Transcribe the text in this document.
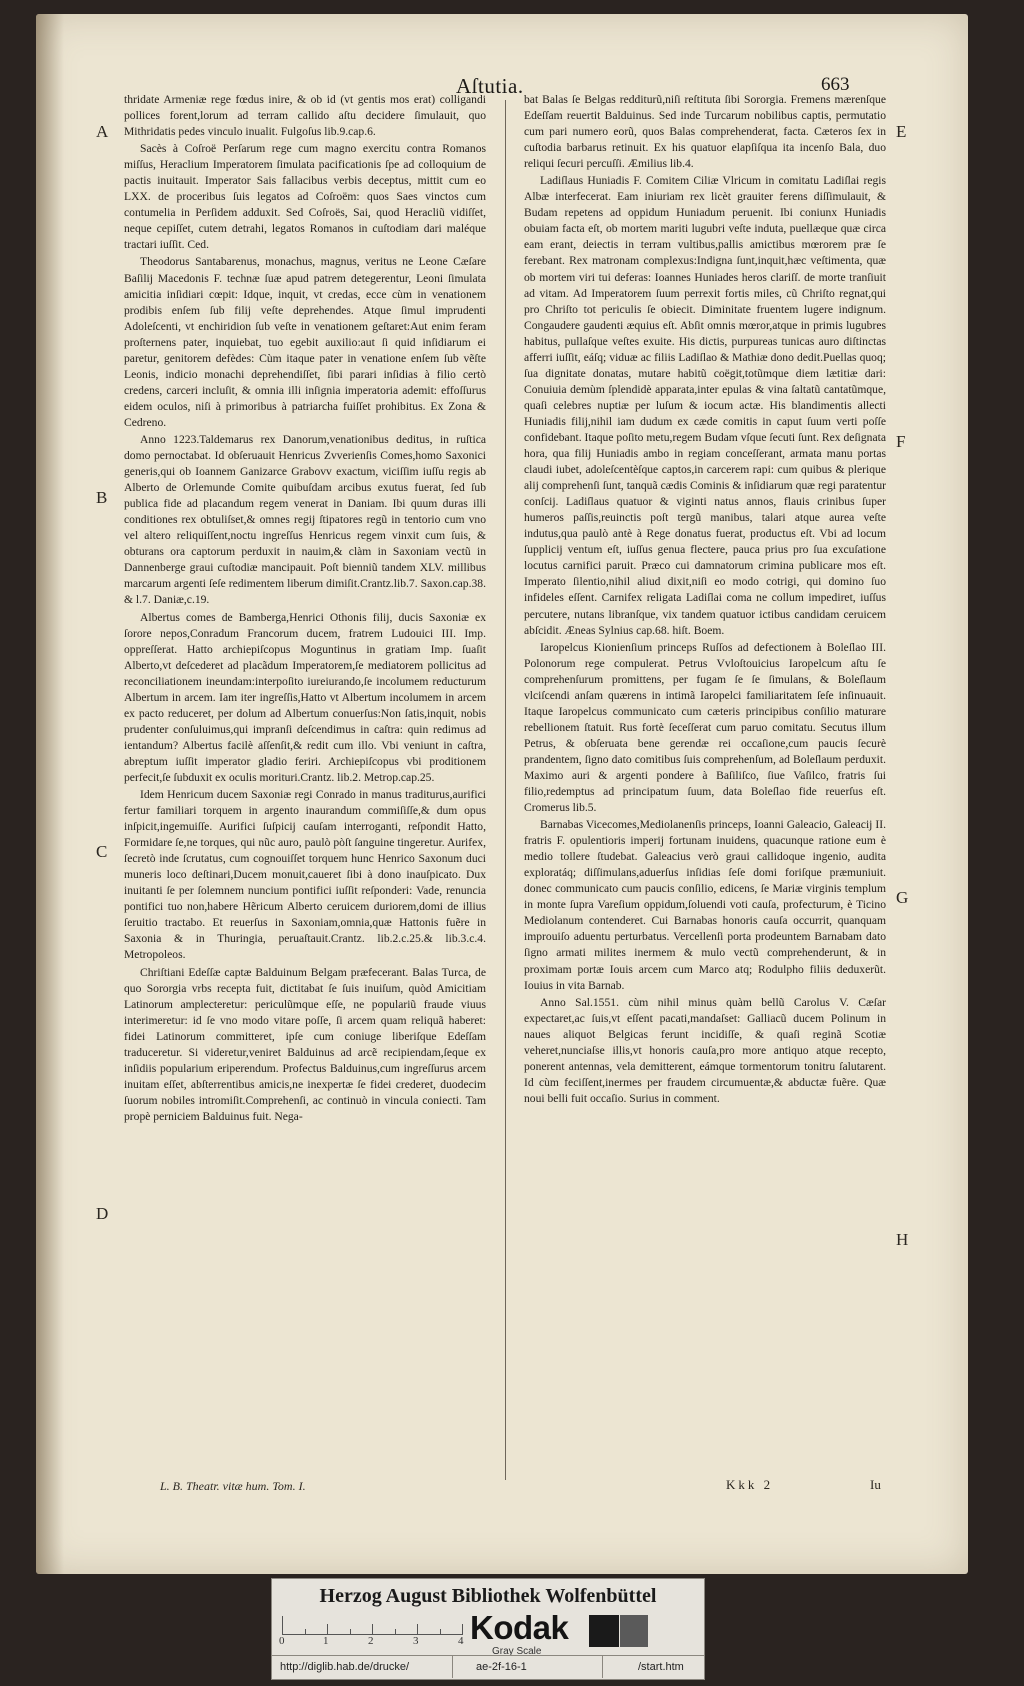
Aſtutia.	663

thridate Armeniæ rege fœdus inire, & ob id (vt gentis mos erat) colligandi pollices forent,lorum ad terram callido aſtu decidere ſimulauit, quo Mithridatis pedes vinculo inualit. Fulgoſus lib.9.cap.6.

Sacès à Coſroë Perſarum rege cum magno exercitu contra Romanos miſſus, Heraclium Imperatorem ſimulata pacificationis ſpe ad colloquium de pactis inuitauit. Imperator Sais fallacibus verbis deceptus, mittit cum eo LXX. de proceribus ſuis legatos ad Coſroëm: quos Saes vinctos cum contumelia in Perſidem adduxit. Sed Coſroës, Sai, quod Heracliũ vidiſſet, neque cepiſſet, cutem detrahi, legatos Romanos in cuſtodiam dari maléque tractari iuſſit. Ced.

Theodorus Santabarenus, monachus, magnus, veritus ne Leone Cæſare Baſilij Macedonis F. technæ ſuæ apud patrem detegerentur, Leoni ſimulata amicitia inſidiari cœpit: Idque, inquit, vt credas, ecce cùm in venationem prodibis enſem ſub filij veſte deprehendes. Atque ſimul imprudenti Adoleſcenti, vt enchiridion ſub veſte in venationem geſtaret:Aut enim feram proſternens pater, inquiebat, tuo egebit auxilio:aut ſi quid inſidiarum ei paretur, genitorem defèdes: Cùm itaque pater in venatione enſem ſub vẽſte Leonis, indicio monachi deprehendiſſet, ſibi parari inſidias à filio certò credens, carceri incluſit, & omnia illi inſignia imperatoria ademit: effoſſurus eidem oculos, niſi à primoribus à patriarcha fuiſſet prohibitus. Ex Zona & Cedreno.

Anno 1223.Taldemarus rex Danorum,venationibus deditus, in ruſtica domo pernoctabat. Id obſeruauit Henricus Zvverienſis Comes,homo Saxonici generis,qui ob Ioannem Ganizarce Grabovv exactum, viciſſim iuſſu regis ab Alberto de Orlemunde Comite quibuſdam arcibus exutus fuerat, ſed ſub publica fide ad placandum regem venerat in Daniam. Ibi quum duras illi conditiones rex obtuliſset,& omnes regij ſtipatores regũ in tentorio cum vno vel altero reliquiſſent,noctu ingreſſus Henricus regem vinxit cum ſuis, & obturans ora captorum perduxit in nauim,& clàm in Saxoniam vectũ in Dannenberge graui cuſtodiæ mancipauit. Poſt bienniũ tandem XLV. millibus marcarum argenti ſeſe redimentem liberum dimiſit.Crantz.lib.7. Saxon.cap.38. & l.7. Daniæ,c.19.

Albertus comes de Bamberga,Henrici Othonis filij, ducis Saxoniæ ex ſorore nepos,Conradum Francorum ducem, fratrem Ludouici III. Imp. oppreſſerat. Hatto archiepiſcopus Moguntinus in gratiam Imp. ſuaſit Alberto,vt deſcederet ad placãdum Imperatorem,ſe mediatorem pollicitus ad reconciliationem ineundam:interpoſito iureiurando,ſe incolumem reducturum Albertum in arcem. Iam iter ingreſſis,Hatto vt Albertum incolumem in arcem ex pacto reduceret, per dolum ad Albertum conuerſus:Non ſatis,inquit, nobis prudenter conſuluimus,qui impranſi deſcendimus in caſtra: quin redimus ad ientandum? Albertus facilè aſſenſit,& redit cum illo. Vbi veniunt in caſtra, abreptum iuſſit imperator gladio feriri. Archiepiſcopus vbi proditionem perfecit,ſe ſubduxit ex oculis morituri.Crantz. lib.2. Metrop.cap.25.

Idem Henricum ducem Saxoniæ regi Conrado in manus traditurus,aurifici fertur familiari torquem in argento inaurandum commiſiſſe,& dum opus inſpicit,ingemuiſſe. Aurifici ſuſpicij cauſam interroganti, reſpondit Hatto, Formidare ſe,ne torques, qui nũc auro, paulò pòſt ſanguine tingeretur. Aurifex, ſecretò inde ſcrutatus, cum cognouiſſet torquem hunc Henrico Saxonum duci muneris loco deſtinari,Ducem monuit,caueret ſibi à dono inauſpicato. Dux inuitanti ſe per ſolemnem nuncium pontifici iuſſit reſponderi: Vade, renuncia pontifici tuo non,habere Hẽricum Alberto ceruicem duriorem,domi de illius ſeruitio tractabo. Et reuerſus in Saxoniam,omnia,quæ Hattonis fuẽre in Saxonia & in Thuringia, peruaſtauit.Crantz. lib.2.c.25.& lib.3.c.4. Metropoleos.

Chriſtiani Edeſſæ captæ Balduinum Belgam præfecerant. Balas Turca, de quo Sororgia vrbs recepta fuit, dictitabat ſe ſuis inuiſum, quòd Amicitiam Latinorum amplecteretur: periculũmque eſſe, ne populariũ fraude viuus interimeretur: id ſe vno modo vitare poſſe, ſi arcem quam reliquã haberet: fidei Latinorum committeret, ipſe cum coniuge liberiſque Edeſſam traduceretur. Si videretur,veniret Balduinus ad arcẽ recipiendam,ſeque ex inſidiis popularium eriperendum. Profectus Balduinus,cum ingreſſurus arcem inuitam eſſet, abſterrentibus amicis,ne inexpertæ ſe fidei crederet, duodecim ſuorum nobiles intromiſit.Comprehenſi, ac continuò in vincula coniecti. Tam propè perniciem Balduinus fuit. Nega-

bat Balas ſe Belgas redditurũ,niſi reſtituta ſibi Sororgia. Fremens mærenſque Edeſſam reuertit Balduinus. Sed inde Turcarum nobilibus captis, permutatio cum pari numero eorũ, quos Balas comprehenderat, facta. Cæteros ſex in cuſtodia barbarus retinuit. Ex his quatuor elapſiſqua ita incenſo Bala, duo reliqui ſecuri percuſſi. Æmilius lib.4.

Ladiſlaus Huniadis F. Comitem Ciliæ Vlricum in comitatu Ladiſlai regis Albæ interfecerat. Eam iniuriam rex licèt grauiter ferens diſſimulauit, & Budam repetens ad oppidum Huniadum peruenit. Ibi coniunx Huniadis obuiam facta eſt, ob mortem mariti lugubri veſte induta, puellæque quæ circa eam erant, deiectis in terram vultibus,pallis amictibus mœrorem præ ſe ferebant. Rex matronam complexus:Indigna ſunt,inquit,hæc veſtimenta, quæ ob mortem viri tui deferas: Ioannes Huniades heros clariſſ. de morte tranſiuit ad vitam. Ad Imperatorem ſuum perrexit fortis miles, cũ Chriſto regnat,qui pro Chriſto tot periculis ſe obiecit. Diminitate fruentem lugere indignum. Congaudere gaudenti æquius eſt. Abſit omnis mœror,atque in primis lugubres habitus, pullaſque veſtes exuite. His dictis, purpureas tunicas auro diſtinctas afferri iuſſit, eáſq; viduæ ac filiis Ladiſlao & Mathiæ dono dedit.Puellas quoq; ſua dignitate donatas, mutare habitũ coëgit,totũmque diem lætitiæ dari: Conuiuia demùm ſplendidè apparata,inter epulas & vina ſaltatũ cantatũmque, quaſi celebres nuptiæ per luſum & iocum actæ. His blandimentis allecti Huniadis filij,nihil iam dudum ex cæde comitis in caput ſuum verti poſſe confidebant. Itaque poſito metu,regem Budam vſque ſecuti ſunt. Rex deſignata hora, qua filij Huniadis ambo in regiam conceſſerant, armata manu portas claudi iubet, adoleſcentèſque captos,in carcerem rapi: cum quibus & plerique alij comprehenſi ſunt, tanquã cædis Cominis & inſidiarum quæ regi paratentur conſcij. Ladiſlaus quatuor & viginti natus annos, flauis crinibus ſuper humeros paſſis,reuinctis poſt tergũ manibus, talari atque aurea veſte indutus,qua paulò antè à Rege donatus fuerat, productus eſt. Vbi ad locum ſupplicij ventum eſt, iuſſus genua flectere, pauca prius pro ſua excuſatione locutus carnifici paruit. Præco cui damnatorum crimina publicare mos eſt. Imperato ſilentio,nihil aliud dixit,niſi eo modo cotrigi, qui domino ſuo infideles eſſent. Carnifex religata Ladiſlai coma ne collum impediret, iuſſus percutere, nutans libranſque, vix tandem quatuor ictibus candidam ceruicem abſcidit. Æneas Sylnius cap.68. hiſt. Boem.

Iaropelcus Kionienſium princeps Ruſſos ad defectionem à Boleſlao III. Polonorum rege compulerat. Petrus Vvloſtouicius Iaropelcum aſtu ſe comprehenſurum promittens, per fugam ſe ſe ſimulans, & Boleſlaum vlciſcendi anſam quærens in intimã Iaropelci familiaritatem ſeſe inſinuauit. Itaque Iaropelcus communicato cum cæteris principibus conſilio maturare rebellionem ſtatuit. Rus fortè ſeceſſerat cum paruo comitatu. Secutus illum Petrus, & obſeruata bene gerendæ rei occaſione,cum paucis ſecurè prandentem, ſigno dato comitibus ſuis comprehenſum, ad Boleſlaum perduxit. Maximo auri & argenti pondere à Baſiliſco, ſiue Vaſilco, fratris ſui filio,redemptus ad principatum ſuum, data Boleſlao fide reuerſus eſt. Cromerus lib.5.

Barnabas Vicecomes,Mediolanenſis princeps, Ioanni Galeacio, Galeacij II. fratris F. opulentioris imperij fortunam inuidens, quacunque ratione eum è medio tollere ſtudebat. Galeacius verò graui callidoque ingenio, audita exploratáq; diſſimulans,aduerſus inſidias ſeſe domi foriſque præmuniuit. donec communicato cum paucis conſilio, edicens, ſe Mariæ virginis templum in monte ſupra Vareſium oppidum,ſoluendi voti cauſa, profecturum, è Ticino Mediolanum contenderet. Cui Barnabas honoris cauſa occurrit, quanquam improuiſo aduentu perturbatus. Vercellenſi porta prodeuntem Barnabam dato ſigno armati milites inermem & mulo vectũ comprehenderunt, & in proximam portæ Iouis arcem cum Marco atq; Rodulpho filiis deduxerũt. Iouius in vita Barnab.

Anno Sal.1551. cùm nihil minus quàm bellũ Carolus V. Cæſar expectaret,ac ſuis,vt eſſent pacati,mandaſset: Galliacũ ducem Polinum in naues aliquot Belgicas ferunt incidiſſe, & quaſi reginã Scotiæ veheret,nunciaſse illis,vt honoris cauſa,pro more antiquo atque recepto, ponerent antennas, vela demitterent, eámque tormentorum tonitru ſalutarent. Id cùm feciſſent,inermes per fraudem circumuentæ,& abductæ fuẽre. Quæ noui belli fuit occaſio. Surius in comment.

A
B
C
D
E
F
G
H
L. B. Theatr. vitæ hum. Tom. I.	Kkk 2	Iu
Herzog August Bibliothek Wolfenbüttel
0	1	2	3	4 Kodak
Gray Scale
http://diglib.hab.de/drucke/	ae-2f-16-1	/start.htm
